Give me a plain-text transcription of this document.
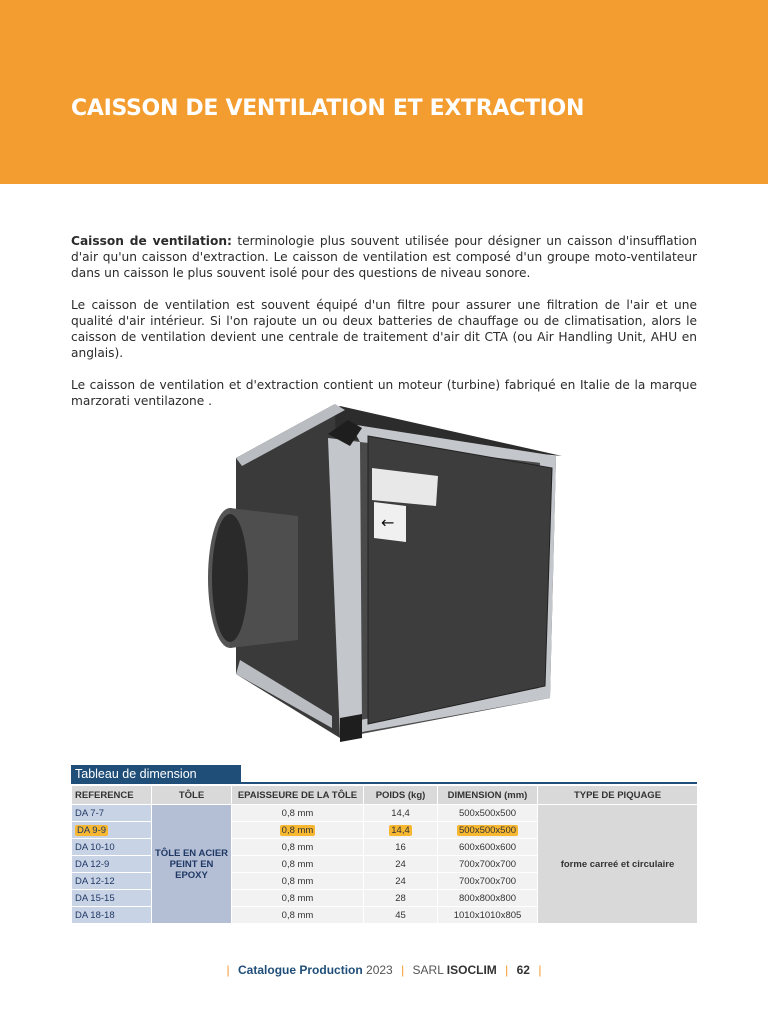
CAISSON DE VENTILATION ET EXTRACTION

Caisson de ventilation: terminologie plus souvent utilisée pour désigner un caisson d'insufflation d'air qu'un caisson d'extraction. Le caisson de ventilation est composé d'un groupe moto-ventilateur dans un caisson le plus souvent isolé pour des questions de niveau sonore.

Le caisson de ventilation est souvent équipé d'un filtre pour assurer une filtration de l'air et une qualité d'air intérieur. Si l'on rajoute un ou deux batteries de chauffage ou de climatisation, alors le caisson de ventilation devient une centrale de traitement d'air dit CTA (ou Air Handling Unit, AHU en anglais).

Le caisson de ventilation et d'extraction contient un moteur (turbine) fabriqué en Italie de la marque marzorati ventilazone .

←
Tableau de dimension
REFERENCE	TÔLE	EPAISSEURE DE LA TÔLE	POIDS (kg)	DIMENSION (mm)	TYPE DE PIQUAGE
DA 7-7	TÔLE EN ACIER PEINT EN EPOXY	0,8 mm	14,4	500x500x500	forme carreé et circulaire
DA 9-9		0,8 mm	14,4	500x500x500	
DA 10-10		0,8 mm	16	600x600x600	
DA 12-9		0,8 mm	24	700x700x700	
DA 12-12		0,8 mm	24	700x700x700	
DA 15-15		0,8 mm	28	800x800x800	
DA 18-18		0,8 mm	45	1010x1010x805	
| Catalogue Production 2023 | SARL ISOCLIM | 62 |
